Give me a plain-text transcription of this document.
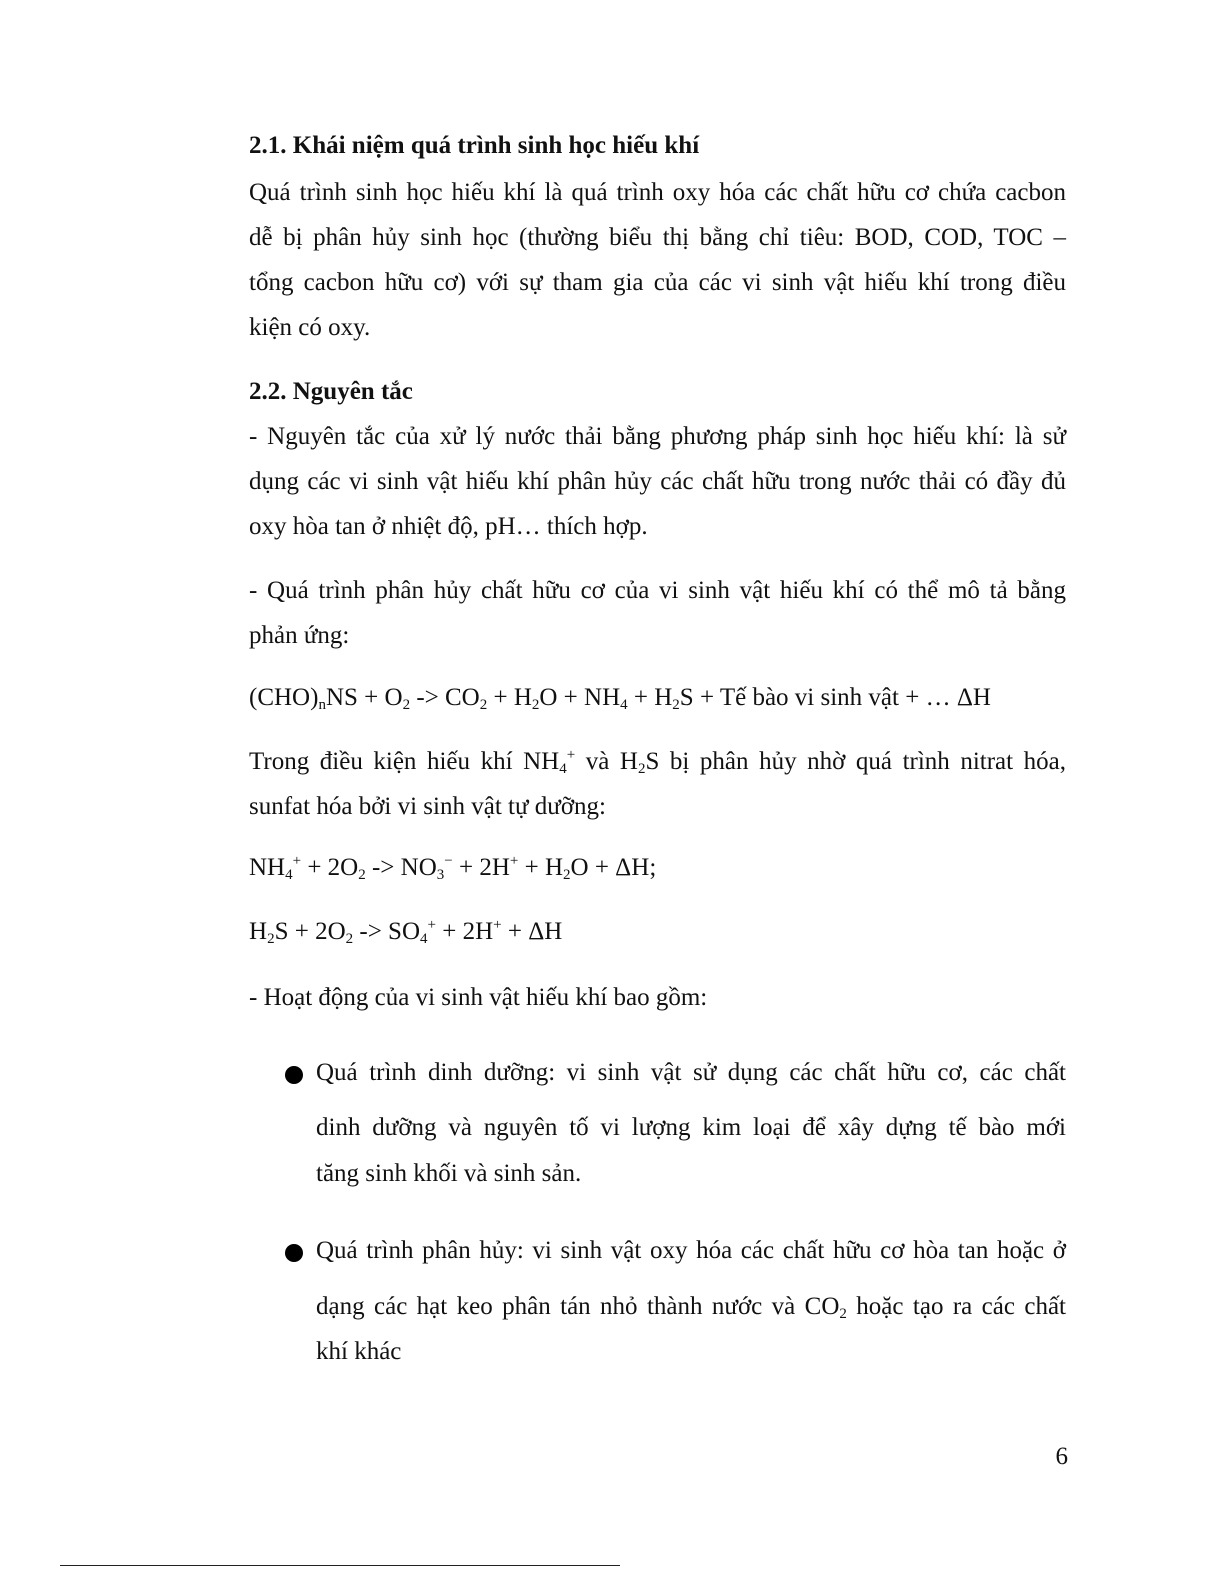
2.1. Khái niệm quá trình sinh học hiếu khí
Quá trình sinh học hiếu khí là quá trình oxy hóa các chất hữu cơ chứa cacbon
dễ bị phân hủy sinh học (thường biểu thị bằng chỉ tiêu: BOD, COD, TOC –
tổng cacbon hữu cơ) với sự tham gia của các vi sinh vật hiếu khí trong điều
kiện có oxy.
2.2. Nguyên tắc
- Nguyên tắc của xử lý nước thải bằng phương pháp sinh học hiếu khí: là sử
dụng các vi sinh vật hiếu khí phân hủy các chất hữu trong nước thải có đầy đủ
oxy hòa tan ở nhiệt độ, pH… thích hợp.
- Quá trình phân hủy chất hữu cơ của vi sinh vật hiếu khí có thể mô tả bằng
phản ứng:
$(CHO)_nNS + O_2 -> CO_2 + H_2O + NH_4 + H_2S$ + Tế bào vi sinh vật + … ΔH
Trong điều kiện hiếu khí $NH_4^+$ và $H_2S$ bị phân hủy nhờ quá trình nitrat hóa,
sunfat hóa bởi vi sinh vật tự dưỡng:
$NH_4^+ + 2O_2 -> NO_3^- + 2H^+ + H_2O + \Delta H$;
$H_2S + 2O_2 -> SO_4^+ + 2H^+ + \Delta H$
- Hoạt động của vi sinh vật hiếu khí bao gồm:
Quá trình dinh dưỡng: vi sinh vật sử dụng các chất hữu cơ, các chất
dinh dưỡng và nguyên tố vi lượng kim loại để xây dựng tế bào mới
tăng sinh khối và sinh sản.
Quá trình phân hủy: vi sinh vật oxy hóa các chất hữu cơ hòa tan hoặc ở
dạng các hạt keo phân tán nhỏ thành nước và $CO_2$ hoặc tạo ra các chất
khí khác
6
